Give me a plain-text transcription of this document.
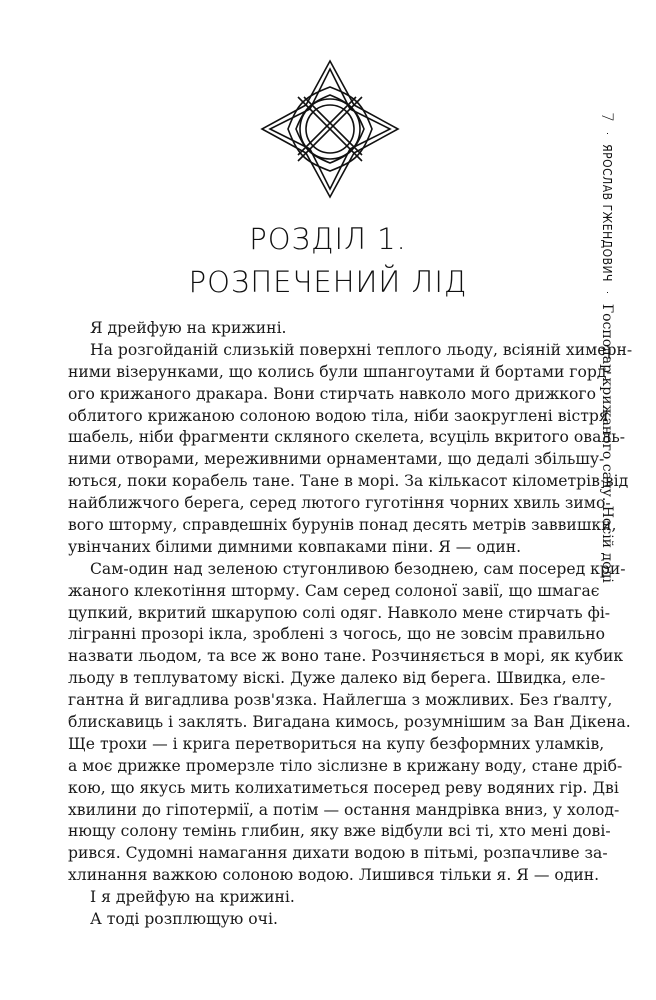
РОЗДІЛ 1.
РОЗПЕЧЕНИЙ ЛІД
Я дрейфую на крижині.
На розгойданій слизькій поверхні теплого льоду, всіяній химерн-
ними візерунками, що колись були шпангоутами й бортами горд-
ого крижаного дракара. Вони стирчать навколо мого дрижкого
облитого крижаною солоною водою тіла, ніби заокруглені вістря
шабель, ніби фрагменти скляного скелета, всуціль вкритого оваль-
ними отворами, мереживними орнаментами, що дедалі збільшу-
ються, поки корабель тане. Тане в морі. За кількасот кілометрів від
найближчого берега, серед лютого гуготіння чорних хвиль зимо-
вого шторму, справдешніх бурунів понад десять метрів заввишки,
увінчаних білими димними ковпаками піни. Я — один.
Сам-один над зеленою стугонливою безоднею, сам посеред кри-
жаного клекотіння шторму. Сам серед солоної завії, що шмагає
цупкий, вкритий шкарупою солі одяг. Навколо мене стирчать фі-
лігранні прозорі ікла, зроблені з чогось, що не зовсім правильно
назвати льодом, та все ж воно тане. Розчиняється в морі, як кубик
льоду в теплуватому віскі. Дуже далеко від берега. Швидка, еле-
гантна й вигадлива розв'язка. Найлегша з можливих. Без ґвалту,
блискавиць і заклять. Вигадана кимось, розумнішим за Ван Дікена.
Ще трохи — і крига перетвориться на купу безформних уламків,
а моє дрижке промерзле тіло зіслизне в крижану воду, стане дріб-
кою, що якусь мить колихатиметься посеред реву водяних гір. Дві
хвилини до гіпотермії, а потім — остання мандрівка вниз, у холод-
нющу солону темінь глибин, яку вже відбули всі ті, хто мені дові-
рився. Судомні намагання дихати водою в пітьмі, розпачливе за-
хлинання важкою солоною водою. Лишився тільки я. Я — один.
І я дрейфую на крижині.
А тоді розплющую очі.
7  ЯРОСЛАВ ГЖЕНДОВИЧ  Господар крижаного саду. Носій долі
